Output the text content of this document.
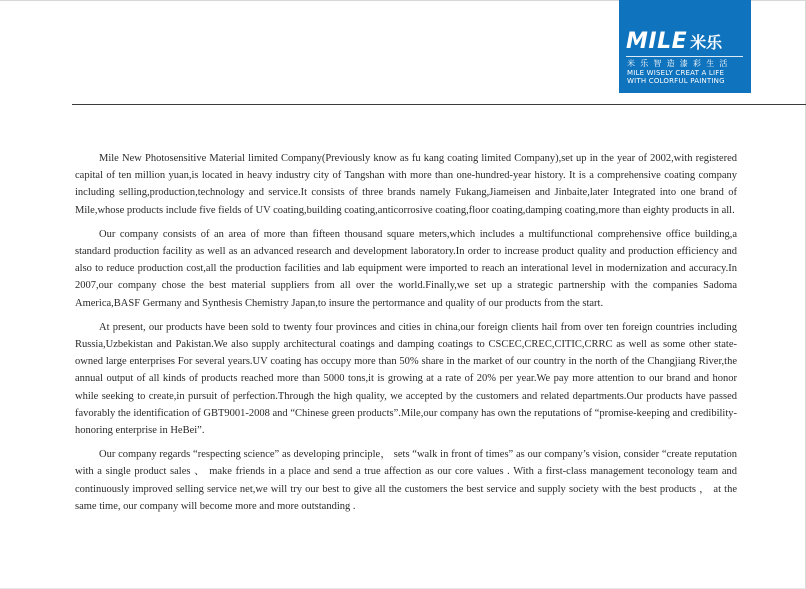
MILE 米乐
米乐智造漆彩生活
MILE WISELY CREAT A LIFE
WITH COLORFUL PAINTING

Mile New Photosensitive Material limited Company(Previously know as fu kang coating limited Company),set up in the year of 2002,with registered capital of ten million yuan,is located in heavy industry city of Tangshan with more than one-hundred-year history. It is a comprehensive coating company including selling,production,technology and service.It consists of three brands namely Fukang,Jiameisen and Jinbaite,later Integrated into one brand of Mile,whose products include five fields of UV coating,building coating,anticorrosive coating,floor coating,damping coating,more than eighty products in all.

Our company consists of an area of more than fifteen thousand square meters,which includes a multifunctional comprehensive office building,a standard production facility as well as an advanced research and development laboratory.In order to increase product quality and production efficiency and also to reduce production cost,all the production facilities and lab equipment were imported to reach an interational level in modernization and accuracy.In 2007,our company chose the best material suppliers from all over the world.Finally,we set up a strategic partnership with the companies Sadoma America,BASF Germany and Synthesis Chemistry Japan,to insure the pertormance and quality of our products from the start.

At present, our products have been sold to twenty four provinces and cities in china,our foreign clients hail from over ten foreign countries including Russia,Uzbekistan and Pakistan.We also supply architectural coatings and damping coatings to CSCEC,CREC,CITIC,CRRC as well as some other state-owned large enterprises For several years.UV coating has occupy more than 50% share in the market of our country in the north of the Changjiang River,the annual output of all kinds of products reached more than 5000 tons,it is growing at a rate of 20% per year.We pay more attention to our brand and honor while seeking to create,in pursuit of perfection.Through the high quality, we accepted by the customers and related departments.Our products have passed favorably the identification of GBT9001-2008 and “Chinese green products”.Mile,our company has own the reputations of “promise-keeping and credibility-honoring enterprise in HeBei”.

Our company regards “respecting science” as developing principle， sets “walk in front of times” as our company’s vision, consider “create reputation with a single product sales 、 make friends in a place and send a true affection as our core values . With a first-class management teconology team and continuously improved selling service net,we will try our best to give all the customers the best service and supply society with the best products ， at the same time, our company will become more and more outstanding .
